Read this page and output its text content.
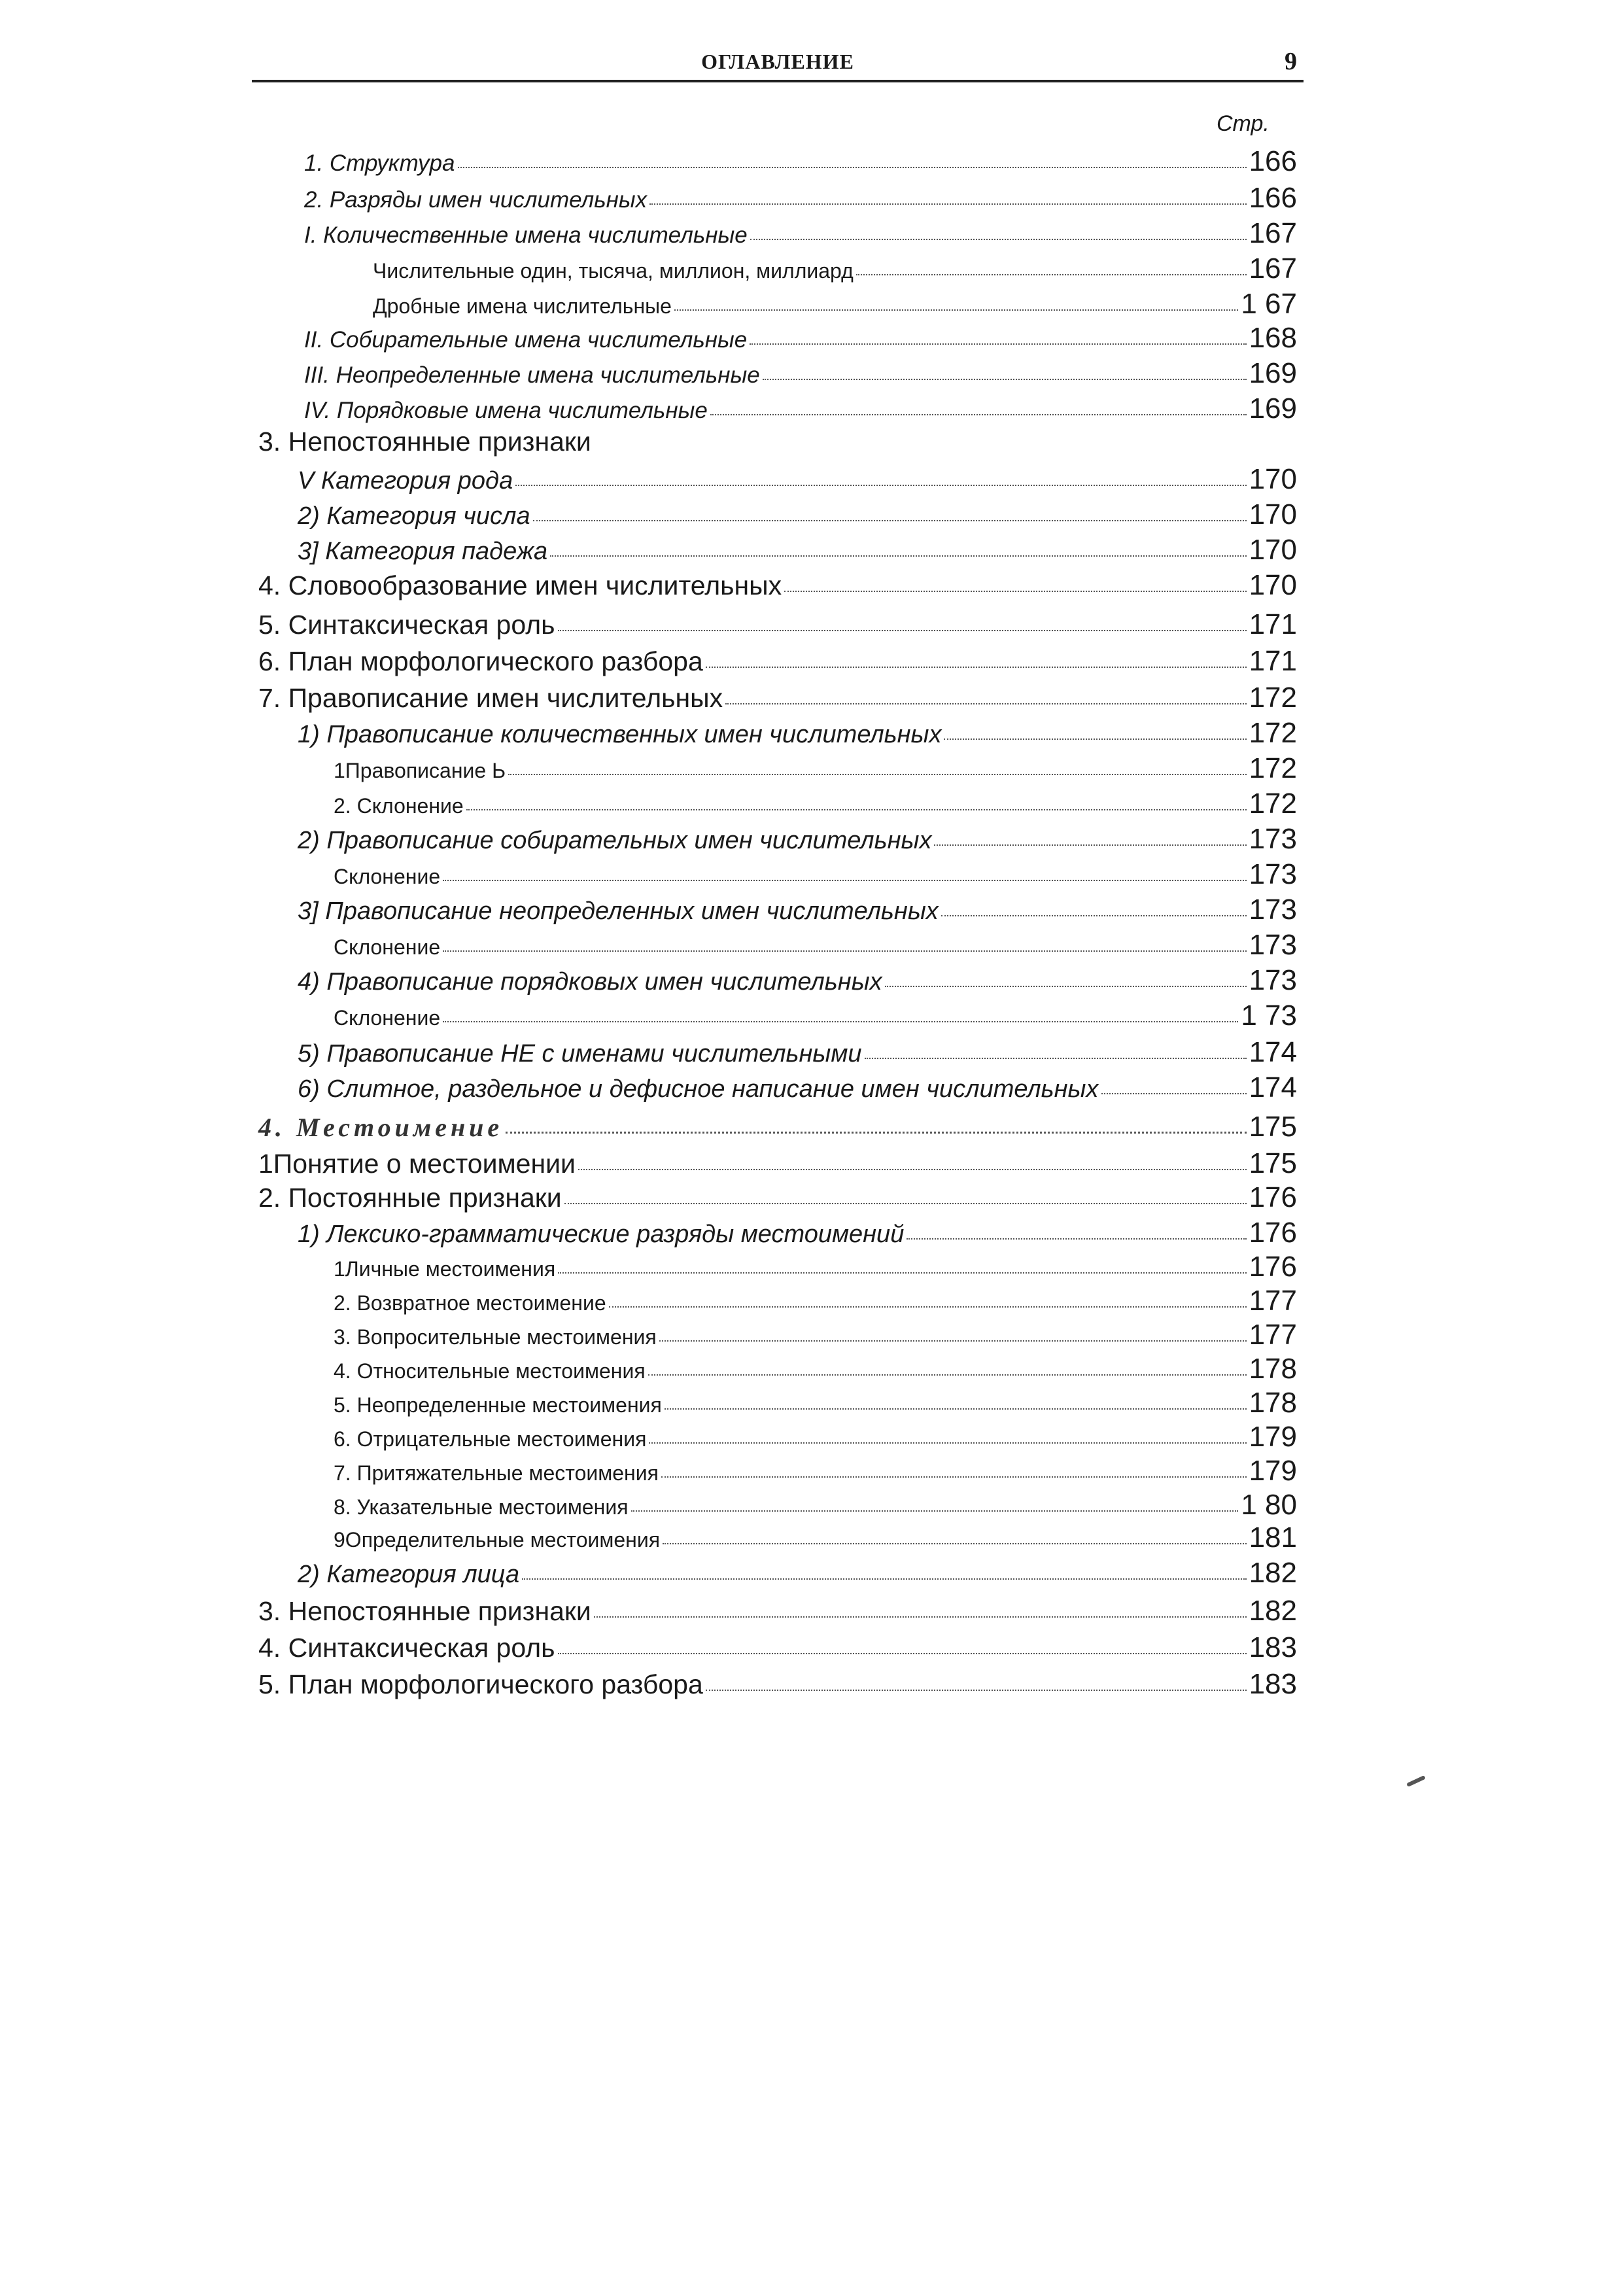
ОГЛАВЛЕНИЕ	9
Стр.
1. Структура	166
2. Разряды имен числительных	166
I. Количественные имена числительные	167
Числительные один, тысяча, миллион, миллиард	167
Дробные имена числительные	1 67
II. Собирательные имена числительные	168
III. Неопределенные имена числительные	169
IV. Порядковые имена числительные	169
3. Непостоянные признаки
V Категория рода	170
2) Категория числа	170
3] Категория падежа	170
4. Словообразование имен числительных	170
5. Синтаксическая роль	171
6. План морфологического разбора	171
7. Правописание имен числительных	172
1) Правописание количественных имен числительных	172
1Правописание Ь	172
2. Склонение	172
2) Правописание собирательных имен числительных	173
Склонение	173
3] Правописание неопределенных имен числительных	173
Склонение	173
4) Правописание порядковых имен числительных	173
Склонение	1 73
5) Правописание НЕ с именами числительными	174
6) Слитное, раздельное и дефисное написание имен числительных	174
4. Местоимение	175
1Понятие о местоимении	175
2. Постоянные признаки	176
1) Лексико-грамматические разряды местоимений	176
1Личные местоимения	176
2. Возвратное местоимение	177
3. Вопросительные местоимения	177
4. Относительные местоимения	178
5. Неопределенные местоимения	178
6. Отрицательные местоимения	179
7. Притяжательные местоимения	179
8. Указательные местоимения	1 80
9Определительные местоимения	181
2) Категория лица	182
3. Непостоянные признаки	182
4. Синтаксическая роль	183
5. План морфологического разбора	183
